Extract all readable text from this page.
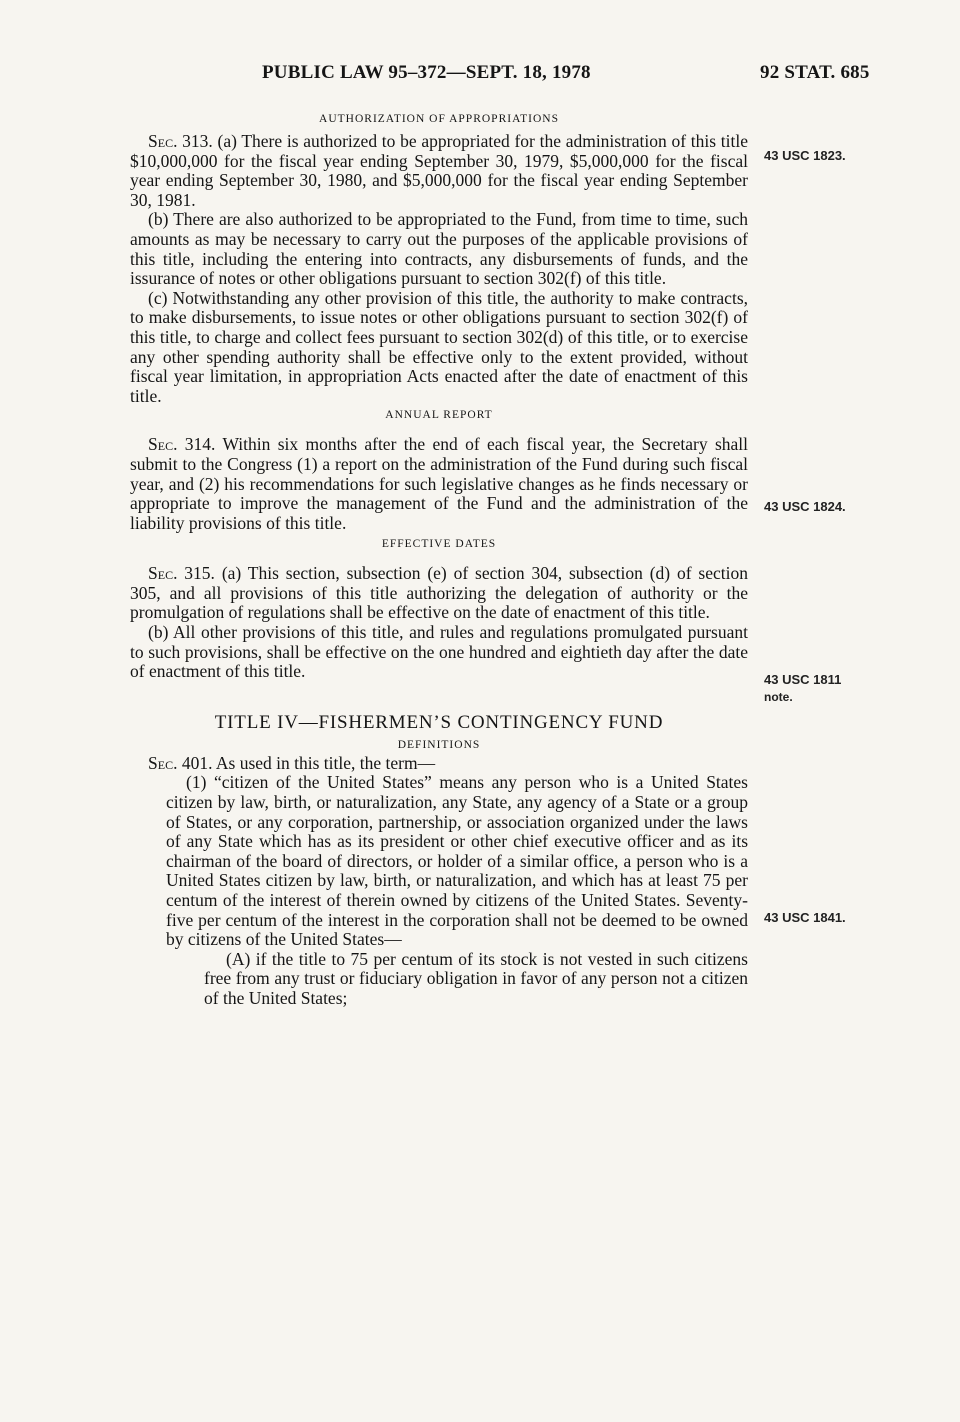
PUBLIC LAW 95–372—SEPT. 18, 1978	92 STAT. 685

AUTHORIZATION OF APPROPRIATIONS

Sec. 313. (a) There is authorized to be appropriated for the administration of this title $10,000,000 for the fiscal year ending September 30, 1979, $5,000,000 for the fiscal year ending September 30, 1980, and $5,000,000 for the fiscal year ending September 30, 1981.

(b) There are also authorized to be appropriated to the Fund, from time to time, such amounts as may be necessary to carry out the purposes of the applicable provisions of this title, including the entering into contracts, any disbursements of funds, and the issurance of notes or other obligations pursuant to section 302(f) of this title.

(c) Notwithstanding any other provision of this title, the authority to make contracts, to make disbursements, to issue notes or other obligations pursuant to section 302(f) of this title, to charge and collect fees pursuant to section 302(d) of this title, or to exercise any other spending authority shall be effective only to the extent provided, without fiscal year limitation, in appropriation Acts enacted after the date of enactment of this title.

ANNUAL REPORT

Sec. 314. Within six months after the end of each fiscal year, the Secretary shall submit to the Congress (1) a report on the administration of the Fund during such fiscal year, and (2) his recommendations for such legislative changes as he finds necessary or appropriate to improve the management of the Fund and the administration of the liability provisions of this title.

EFFECTIVE DATES

Sec. 315. (a) This section, subsection (e) of section 304, subsection (d) of section 305, and all provisions of this title authorizing the delegation of authority or the promulgation of regulations shall be effective on the date of enactment of this title.

(b) All other provisions of this title, and rules and regulations promulgated pursuant to such provisions, shall be effective on the one hundred and eightieth day after the date of enactment of this title.

TITLE IV—FISHERMEN’S CONTINGENCY FUND

DEFINITIONS

Sec. 401. As used in this title, the term—

(1) “citizen of the United States” means any person who is a United States citizen by law, birth, or naturalization, any State, any agency of a State or a group of States, or any corporation, partnership, or association organized under the laws of any State which has as its president or other chief executive officer and as its chairman of the board of directors, or holder of a similar office, a person who is a United States citizen by law, birth, or naturalization, and which has at least 75 per centum of the interest of therein owned by citizens of the United States. Seventy-five per centum of the interest in the corporation shall not be deemed to be owned by citizens of the United States—

(A) if the title to 75 per centum of its stock is not vested in such citizens free from any trust or fiduciary obligation in favor of any person not a citizen of the United States;

43 USC 1823.
43 USC 1824.
43 USC 1811
note.
43 USC 1841.
